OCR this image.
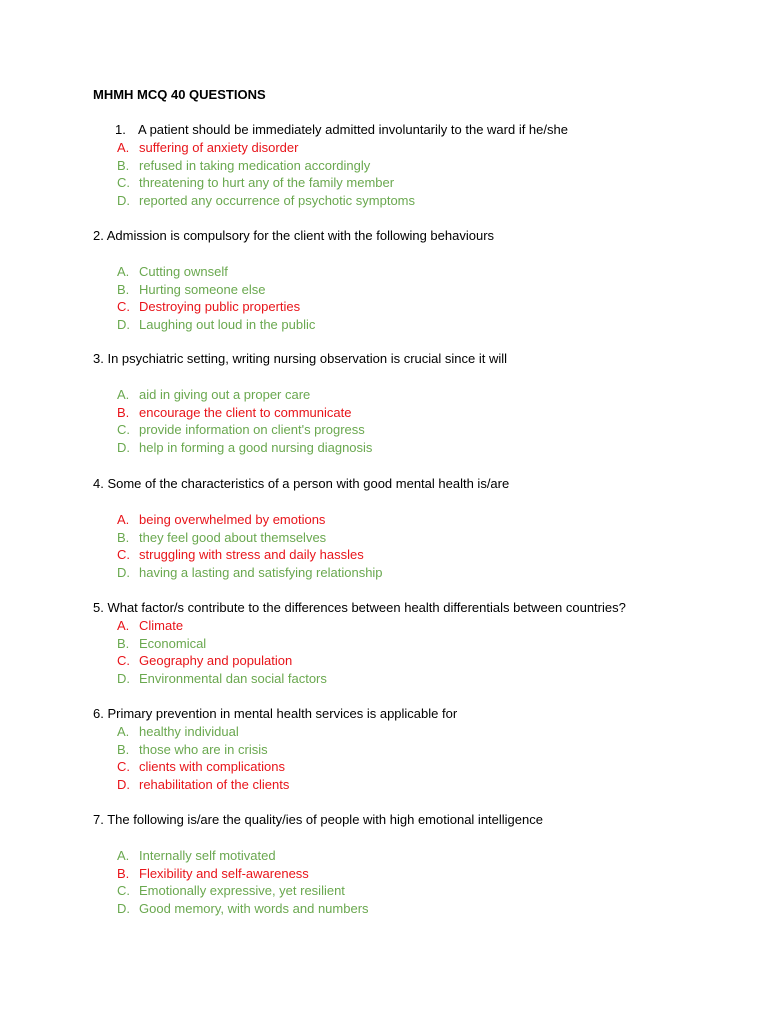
MHMH MCQ 40 QUESTIONS
1. A patient should be immediately admitted involuntarily to the ward if he/she
A. suffering of anxiety disorder
B. refused in taking medication accordingly
C. threatening to hurt any of the family member
D. reported any occurrence of psychotic symptoms
2. Admission is compulsory for the client with the following behaviours
A. Cutting ownself
B. Hurting someone else
C. Destroying public properties
D. Laughing out loud in the public
3. In psychiatric setting, writing nursing observation is crucial since it will
A. aid in giving out a proper care
B. encourage the client to communicate
C. provide information on client's progress
D. help in forming a good nursing diagnosis
4. Some of the characteristics of a person with good mental health is/are
A. being overwhelmed by emotions
B. they feel good about themselves
C. struggling with stress and daily hassles
D. having a lasting and satisfying relationship
5. What factor/s contribute to the differences between health differentials between countries?
A. Climate
B. Economical
C. Geography and population
D. Environmental dan social factors
6. Primary prevention in mental health services is applicable for
A. healthy individual
B. those who are in crisis
C. clients with complications
D. rehabilitation of the clients
7. The following is/are the quality/ies of people with high emotional intelligence
A. Internally self motivated
B. Flexibility and self-awareness
C. Emotionally expressive, yet resilient
D. Good memory, with words and numbers
